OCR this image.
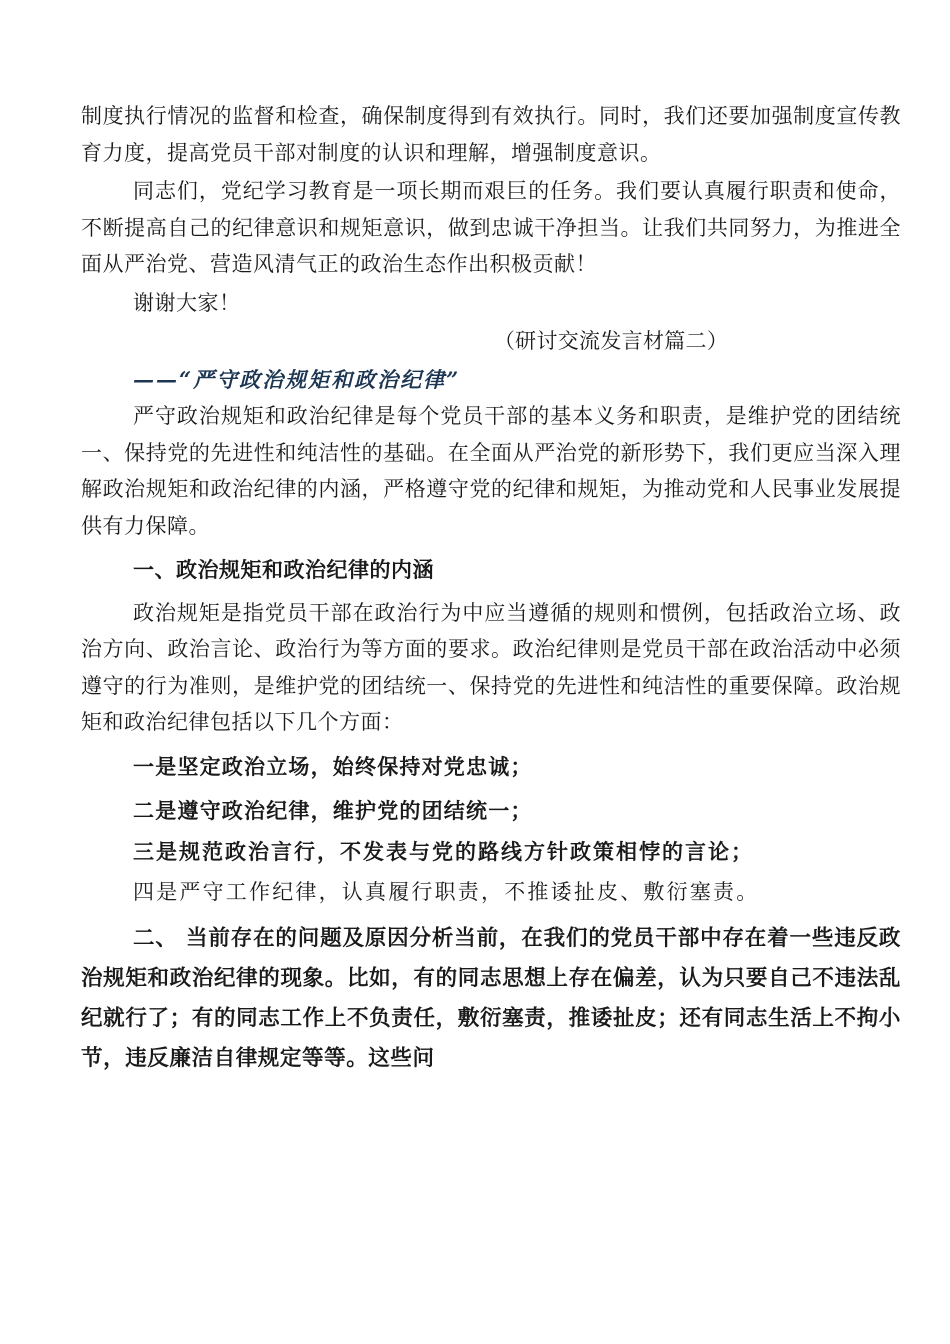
制度执行情况的监督和检查，确保制度得到有效执行。同时，我们还要加强制度宣传教育力度，提高党员干部对制度的认识和理解，增强制度意识。

同志们，党纪学习教育是一项长期而艰巨的任务。我们要认真履行职责和使命，不断提高自己的纪律意识和规矩意识，做到忠诚干净担当。让我们共同努力，为推进全面从严治党、营造风清气正的政治生态作出积极贡献！

谢谢大家！

（研讨交流发言材篇二）

——“严守政治规矩和政治纪律”

严守政治规矩和政治纪律是每个党员干部的基本义务和职责，是维护党的团结统一、保持党的先进性和纯洁性的基础。在全面从严治党的新形势下，我们更应当深入理解政治规矩和政治纪律的内涵，严格遵守党的纪律和规矩，为推动党和人民事业发展提供有力保障。

一、政治规矩和政治纪律的内涵

政治规矩是指党员干部在政治行为中应当遵循的规则和惯例，包括政治立场、政治方向、政治言论、政治行为等方面的要求。政治纪律则是党员干部在政治活动中必须遵守的行为准则，是维护党的团结统一、保持党的先进性和纯洁性的重要保障。政治规矩和政治纪律包括以下几个方面：

一是坚定政治立场，始终保持对党忠诚；

二是遵守政治纪律，维护党的团结统一；

三是规范政治言行，不发表与党的路线方针政策相悖的言论；

四是严守工作纪律，认真履行职责，不推诿扯皮、敷衍塞责。

二、 当前存在的问题及原因分析当前，在我们的党员干部中存在着一些违反政治规矩和政治纪律的现象。比如，有的同志思想上存在偏差，认为只要自己不违法乱纪就行了；有的同志工作上不负责任，敷衍塞责，推诿扯皮；还有同志生活上不拘小节，违反廉洁自律规定等等。这些问
